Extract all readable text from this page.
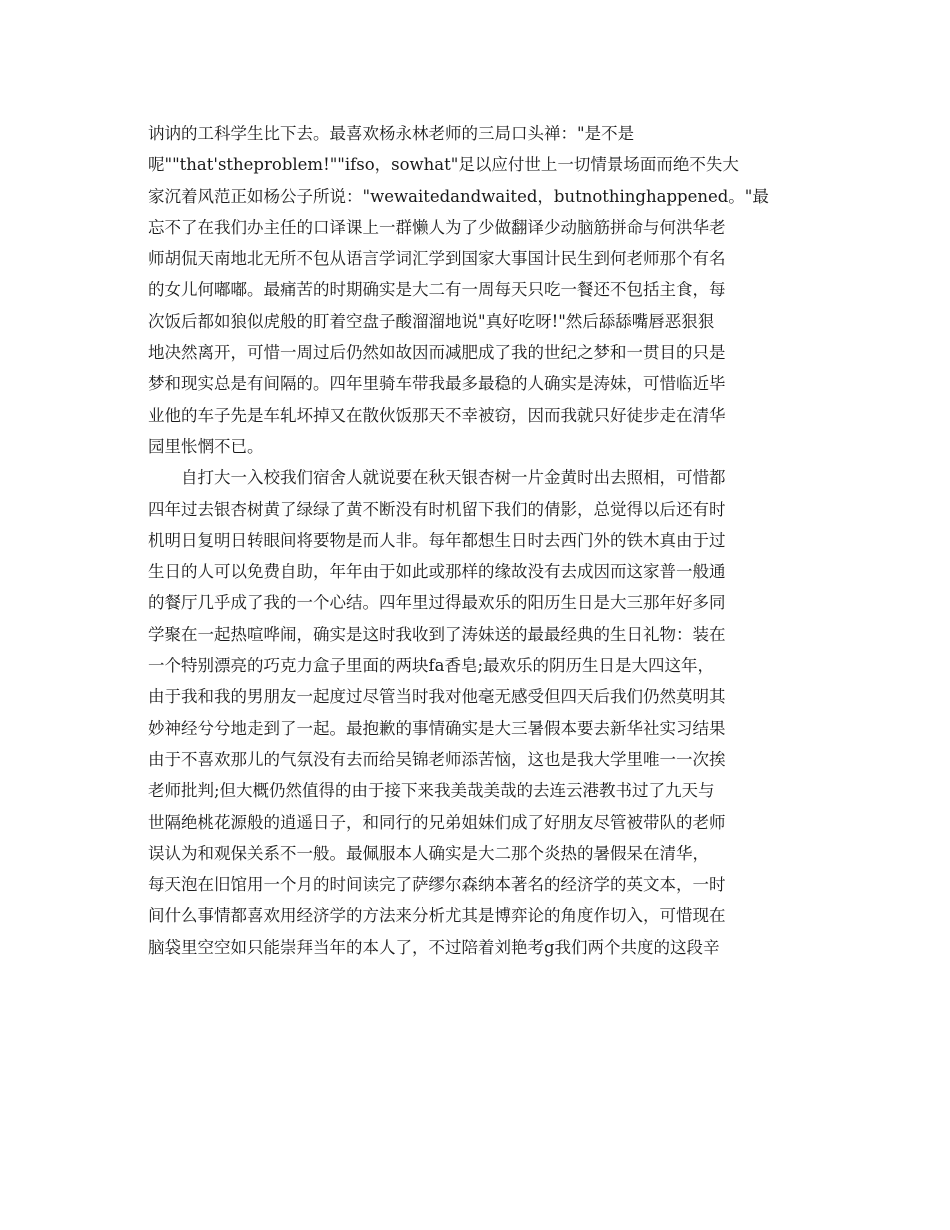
讷讷的工科学生比下去。最喜欢杨永林老师的三局口头禅："是不是
呢""that'stheproblem!""ifso，sowhat"足以应付世上一切情景场面而绝不失大
家沉着风范正如杨公子所说："wewaitedandwaited，butnothinghappened。"最
忘不了在我们办主任的口译课上一群懒人为了少做翻译少动脑筋拼命与何洪华老
师胡侃天南地北无所不包从语言学词汇学到国家大事国计民生到何老师那个有名
的女儿何嘟嘟。最痛苦的时期确实是大二有一周每天只吃一餐还不包括主食，每
次饭后都如狼似虎般的盯着空盘子酸溜溜地说"真好吃呀!"然后舔舔嘴唇恶狠狠
地决然离开，可惜一周过后仍然如故因而减肥成了我的世纪之梦和一贯目的只是
梦和现实总是有间隔的。四年里骑车带我最多最稳的人确实是涛妹，可惜临近毕
业他的车子先是车轧坏掉又在散伙饭那天不幸被窃，因而我就只好徒步走在清华
园里怅惘不已。
自打大一入校我们宿舍人就说要在秋天银杏树一片金黄时出去照相，可惜都
四年过去银杏树黄了绿绿了黄不断没有时机留下我们的倩影，总觉得以后还有时
机明日复明日转眼间将要物是而人非。每年都想生日时去西门外的铁木真由于过
生日的人可以免费自助，年年由于如此或那样的缘故没有去成因而这家普一般通
的餐厅几乎成了我的一个心结。四年里过得最欢乐的阳历生日是大三那年好多同
学聚在一起热喧哗闹，确实是这时我收到了涛妹送的最最经典的生日礼物：装在
一个特别漂亮的巧克力盒子里面的两块fa香皂;最欢乐的阴历生日是大四这年，
由于我和我的男朋友一起度过尽管当时我对他毫无感受但四天后我们仍然莫明其
妙神经兮兮地走到了一起。最抱歉的事情确实是大三暑假本要去新华社实习结果
由于不喜欢那儿的气氛没有去而给吴锦老师添苦恼，这也是我大学里唯一一次挨
老师批判;但大概仍然值得的由于接下来我美哉美哉的去连云港教书过了九天与
世隔绝桃花源般的逍遥日子，和同行的兄弟姐妹们成了好朋友尽管被带队的老师
误认为和观保关系不一般。最佩服本人确实是大二那个炎热的暑假呆在清华，
每天泡在旧馆用一个月的时间读完了萨缪尔森纳本著名的经济学的英文本，一时
间什么事情都喜欢用经济学的方法来分析尤其是博弈论的角度作切入，可惜现在
脑袋里空空如只能崇拜当年的本人了，不过陪着刘艳考g我们两个共度的这段辛
